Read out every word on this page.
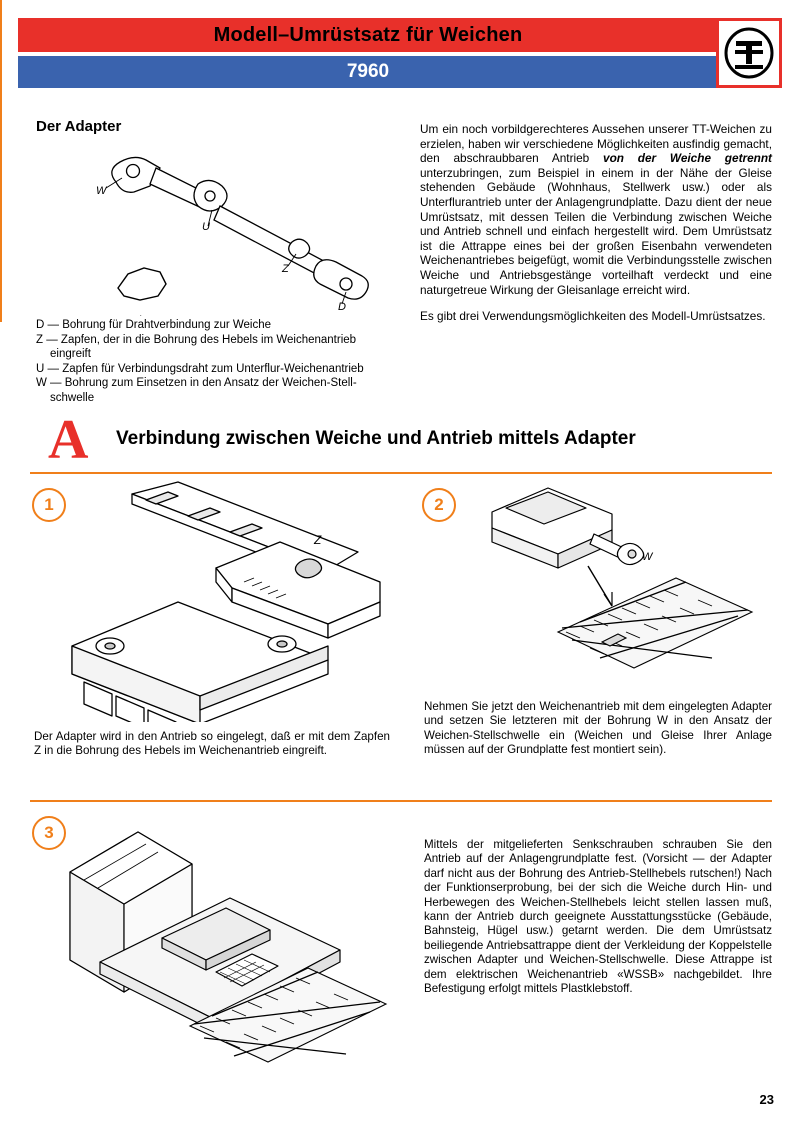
Modell–Umrüstsatz für Weichen
7960
Der Adapter
W
U
Z
D
D — Bohrung für Drahtverbindung zur Weiche
Z — Zapfen, der in die Bohrung des Hebels im Weichenantrieb
eingreift
U — Zapfen für Verbindungsdraht zum Unterflur-Weichenantrieb
W — Bohrung zum Einsetzen in den Ansatz der Weichen-Stell-
schwelle

Um ein noch vorbildgerechteres Aussehen unserer TT-Weichen zu erzielen, haben wir verschiedene Möglichkeiten ausfindig gemacht, den abschraubbaren Antrieb von der Weiche getrennt unterzubringen, zum Beispiel in einem in der Nähe der Gleise stehenden Gebäude (Wohnhaus, Stellwerk usw.) oder als Unterflurantrieb unter der Anlagengrundplatte. Dazu dient der neue Umrüstsatz, mit dessen Teilen die Verbindung zwischen Weiche und Antrieb schnell und einfach hergestellt wird. Dem Umrüstsatz ist die Attrappe eines bei der großen Eisenbahn verwendeten Weichenantriebes beigefügt, womit die Verbindungsstelle zwischen Weiche und Antriebsgestänge vorteilhaft verdeckt und eine naturgetreue Wirkung der Gleisanlage erreicht wird.

Es gibt drei Verwendungsmöglichkeiten des Modell-Umrüstsatzes.

A Verbindung zwischen Weiche und Antrieb mittels Adapter
1
Z
Der Adapter wird in den Antrieb so eingelegt, daß er mit dem Zapfen Z in die Bohrung des Hebels im Weichenantrieb eingreift.
2
W
Nehmen Sie jetzt den Weichenantrieb mit dem eingelegten Adapter und setzen Sie letzteren mit der Bohrung W in den Ansatz der Weichen-Stellschwelle ein (Weichen und Gleise Ihrer Anlage müssen auf der Grundplatte fest montiert sein).
3
Mittels der mitgelieferten Senkschrauben schrauben Sie den Antrieb auf der Anlagengrundplatte fest. (Vorsicht — der Adapter darf nicht aus der Bohrung des Antrieb-Stellhebels rutschen!) Nach der Funktionserprobung, bei der sich die Weiche durch Hin- und Herbewegen des Weichen-Stellhebels leicht stellen lassen muß, kann der Antrieb durch geeignete Ausstattungsstücke (Gebäude, Bahnsteig, Hügel usw.) getarnt werden. Die dem Umrüstsatz beiliegende Antriebsattrappe dient der Verkleidung der Koppelstelle zwischen Adapter und Weichen-Stellschwelle. Diese Attrappe ist dem elektrischen Weichenantrieb «WSSB» nachgebildet. Ihre Befestigung erfolgt mittels Plastklebstoff.
23
